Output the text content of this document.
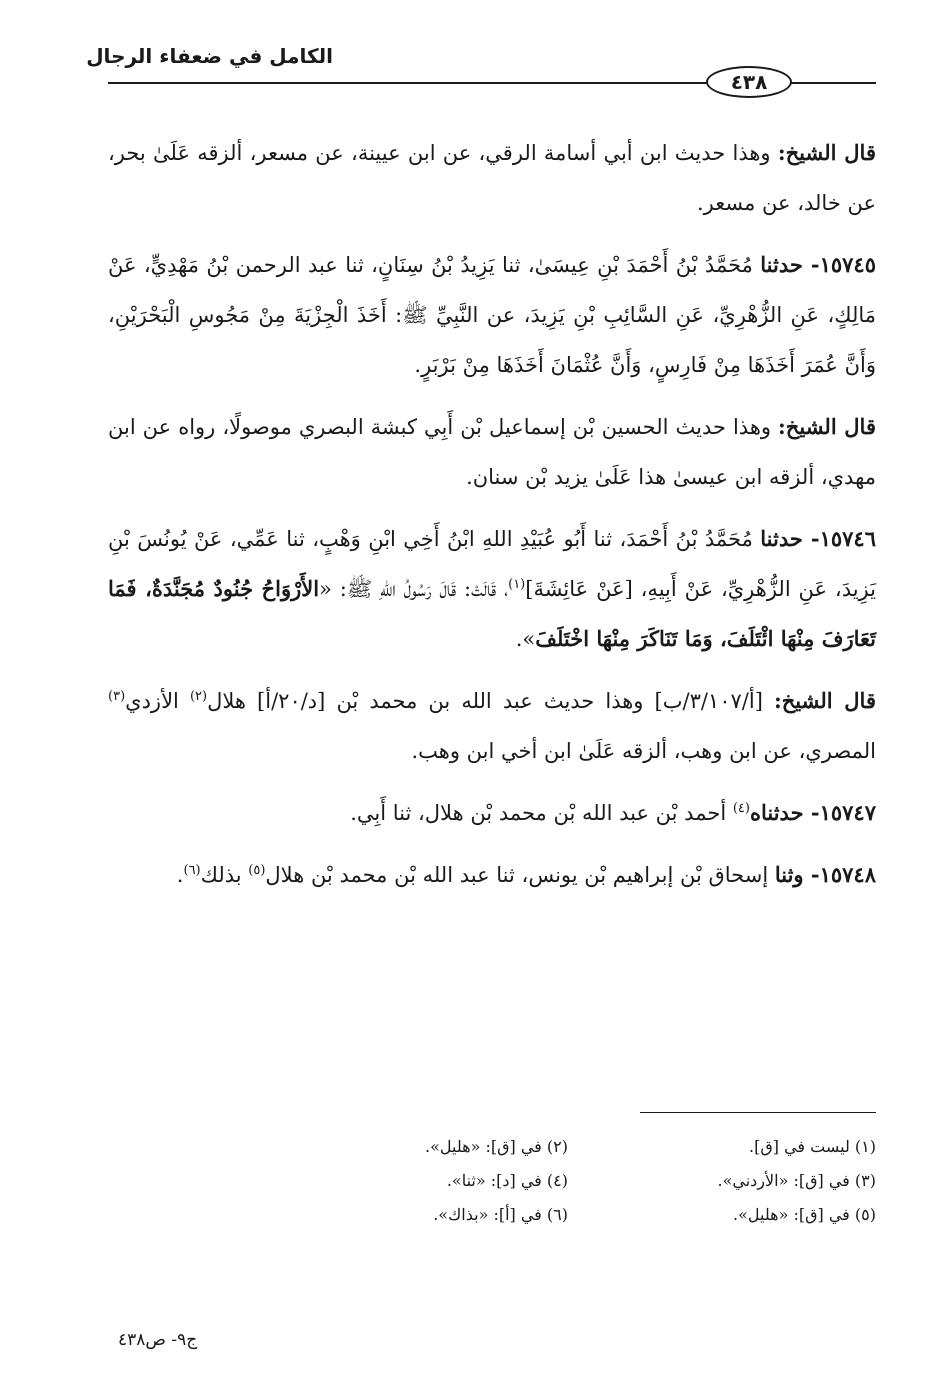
الكامل في ضعفاء الرجال
٤٣٨

قال الشيخ: وهذا حديث ابن أبي أسامة الرقي، عن ابن عيينة، عن مسعر، ألزقه عَلَىٰ بحر، عن خالد، عن مسعر.

١٥٧٤٥- حدثنا مُحَمَّدُ بْنُ أَحْمَدَ بْنِ عِيسَىٰ، ثنا يَزِيدُ بْنُ سِنَانٍ، ثنا عبد الرحمن بْنُ مَهْدِيٍّ، عَنْ مَالِكٍ، عَنِ الزُّهْرِيِّ، عَنِ السَّائِبِ بْنِ يَزِيدَ، عن النَّبِيِّ ﷺ: أَخَذَ الْجِزْيَةَ مِنْ مَجُوسِ الْبَحْرَيْنِ، وَأَنَّ عُمَرَ أَخَذَهَا مِنْ فَارِسٍ، وَأَنَّ عُثْمَانَ أَخَذَهَا مِنْ بَرْبَرٍ.

قال الشيخ: وهذا حديث الحسين بْن إسماعيل بْن أَبِي كبشة البصري موصولًا، رواه عن ابن مهدي، ألزقه ابن عيسىٰ هذا عَلَىٰ يزيد بْن سنان.

١٥٧٤٦- حدثنا مُحَمَّدُ بْنُ أَحْمَدَ، ثنا أَبُو عُبَيْدِ اللهِ ابْنُ أَخِي ابْنِ وَهْبٍ، ثنا عَمِّي، عَنْ يُونُسَ بْنِ يَزِيدَ، عَنِ الزُّهْرِيِّ، عَنْ أَبِيهِ، [عَنْ عَائِشَةَ]$^{(١)}$، قَالَتْ: قَالَ رَسُولُ اللهِ ﷺ: «الأَرْوَاحُ جُنُودٌ مُجَنَّدَةٌ، فَمَا تَعَارَفَ مِنْهَا ائْتَلَفَ، وَمَا تَنَاكَرَ مِنْهَا اخْتَلَفَ».

قال الشيخ: [أ/٣/١٠٧/ب] وهذا حديث عبد الله بن محمد بْن [د/٢٠/أ] هلال$^{(٢)}$ الأزدي$^{(٣)}$ المصري، عن ابن وهب، ألزقه عَلَىٰ ابن أخي ابن وهب.

١٥٧٤٧- حدثناه$^{(٤)}$ أحمد بْن عبد الله بْن محمد بْن هلال، ثنا أَبِي.

١٥٧٤٨- وثنا إسحاق بْن إبراهيم بْن يونس، ثنا عبد الله بْن محمد بْن هلال$^{(٥)}$ بذلك$^{(٦)}$.

(١) ليست في [ق].
(٢) في [ق]: «هليل».
(٣) في [ق]: «الأردني».
(٤) في [د]: «ثنا».
(٥) في [ق]: «هليل».
(٦) في [أ]: «بذاك».
ج٩- ص٤٣٨
